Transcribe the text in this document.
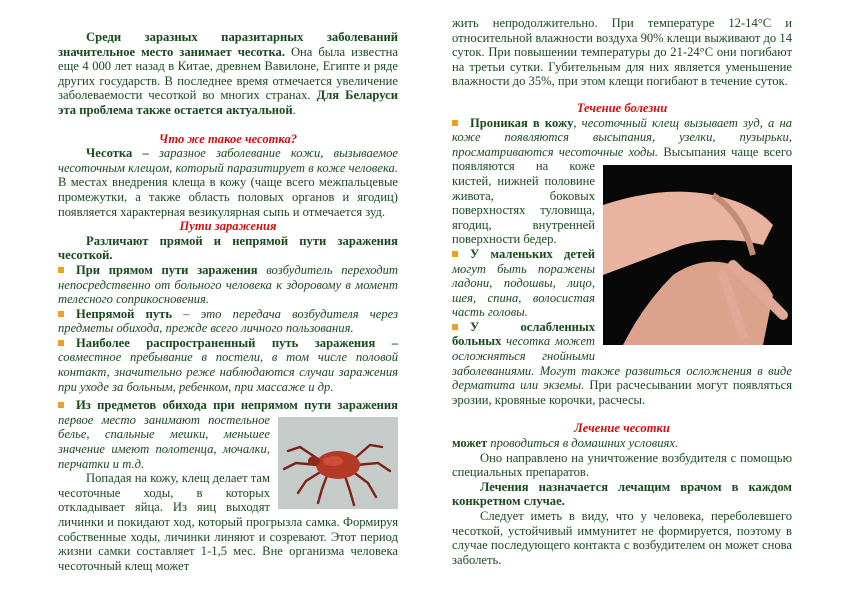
Среди заразных паразитарных заболеваний значительное место занимает чесотка. Она была известна еще 4 000 лет назад в Китае, древнем Вавилоне, Египте и ряде других государств. В последнее время отмечается увеличение заболеваемости чесоткой во многих странах. Для Беларуси эта проблема также остается актуальной.

Что же такое чесотка?

Чесотка – заразное заболевание кожи, вызываемое чесоточным клещом, который паразитирует в коже человека. В местах внедрения клеща в кожу (чаще всего межпальцевые промежутки, а также область половых органов и ягодиц) появляется характерная везикулярная сыпь и отмечается зуд.

Пути заражения

Различают прямой и непрямой пути заражения чесоткой.

При прямом пути заражения возбудитель переходит непосредственно от больного человека к здоровому в момент телесного соприкосновения.

Непрямой путь – это передача возбудителя через предметы обихода, прежде всего личного пользования.

Наиболее распространенный путь заражения – совместное пребывание в постели, в том числе половой контакт, значительно реже наблюдаются случаи заражения при уходе за больным, ребенком, при массаже и др.

Из предметов обихода при непрямом пути заражения
первое место занимают постельное белье, спальные мешки, меньшее значение имеют полотенца, мочалки, перчатки и т.д.

Попадая на кожу, клещ делает там чесоточные ходы, в которых откладывает яйца. Из яиц выходят личинки и покидают ход, который прогрызла самка. Формируя собственные ходы, личинки линяют и созревают. Этот период жизни самки составляет 1-1,5 мес. Вне организма человека чесоточный клещ может

жить непродолжительно. При температуре 12-14°С и относительной влажности воздуха 90% клещи выживают до 14 суток. При повышении температуры до 21-24°С они погибают на третьи сутки. Губительным для них является уменьшение влажности до 35%, при этом клещи погибают в течение суток.

Течение болезни

Проникая в кожу, чесоточный клещ вызывает зуд, а на коже появляются высыпания, узелки, пузырьки, просматриваются чесоточные ходы.
Высыпания чаще всего появляются на коже кистей, нижней половине живота, боковых поверхностях туловища, ягодиц, внутренней поверхности бедер.

У маленьких детей могут быть поражены ладони, подошвы, лицо, шея, спина, волосистая часть головы.

У ослабленных больных чесотка может осложняться гнойными заболеваниями. Могут также развиться осложнения в виде дерматита или экземы. При расчесывании могут появляться эрозии, кровяные корочки, расчесы.

Лечение чесотки

может проводиться в домашних условиях.

Оно направлено на уничтожение возбудителя с помощью специальных препаратов.

Лечения назначается лечащим врачом в каждом конкретном случае.

Следует иметь в виду, что у человека, переболевшего чесоткой, устойчивый иммунитет не формируется, поэтому в случае последующего контакта с возбудителем он может снова заболеть.
